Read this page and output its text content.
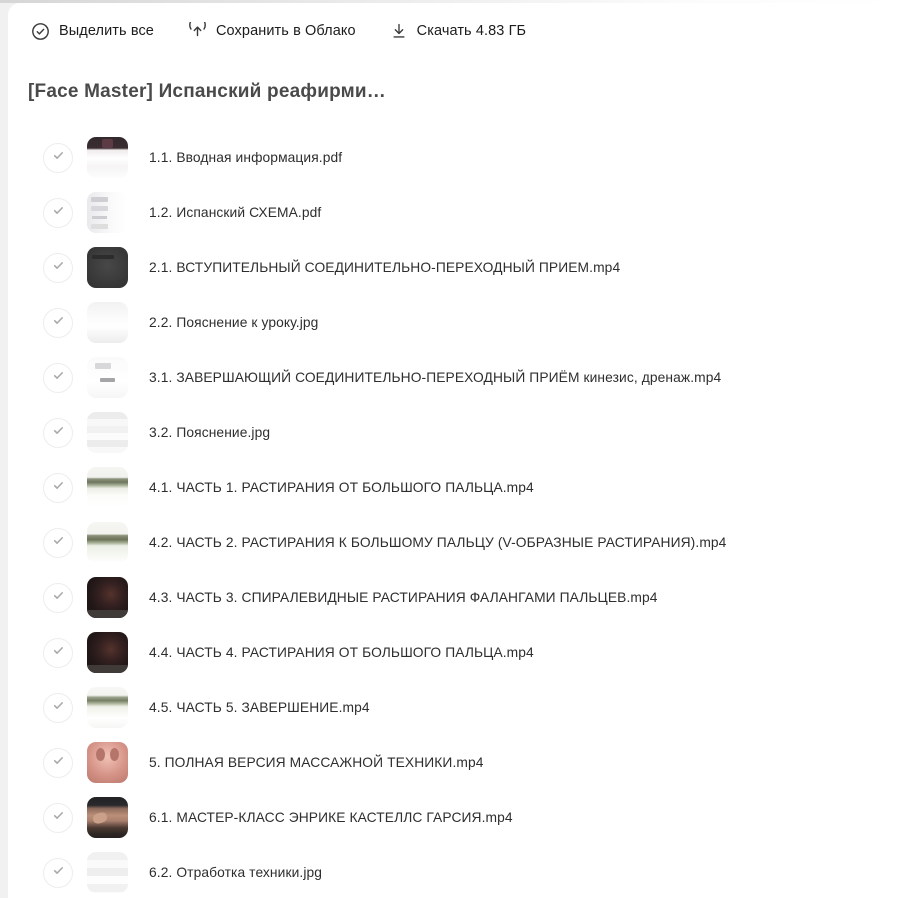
Выделить все	Сохранить в Облако	Скачать 4.83 ГБ
[Face Master] Испанский реафирми…
1.1. Вводная информация.pdf
1.2. Испанский СХЕМА.pdf
2.1. ВСТУПИТЕЛЬНЫЙ СОЕДИНИТЕЛЬНО-ПЕРЕХОДНЫЙ ПРИЕМ.mp4
2.2. Пояснение к уроку.jpg
3.1. ЗАВЕРШАЮЩИЙ СОЕДИНИТЕЛЬНО-ПЕРЕХОДНЫЙ ПРИЁМ кинезис, дренаж.mp4
3.2. Пояснение.jpg
4.1. ЧАСТЬ 1. РАСТИРАНИЯ ОТ БОЛЬШОГО ПАЛЬЦА.mp4
4.2. ЧАСТЬ 2. РАСТИРАНИЯ К БОЛЬШОМУ ПАЛЬЦУ (V-ОБРАЗНЫЕ РАСТИРАНИЯ).mp4
4.3. ЧАСТЬ 3. СПИРАЛЕВИДНЫЕ РАСТИРАНИЯ ФАЛАНГАМИ ПАЛЬЦЕВ.mp4
4.4. ЧАСТЬ 4. РАСТИРАНИЯ ОТ БОЛЬШОГО ПАЛЬЦА.mp4
4.5. ЧАСТЬ 5. ЗАВЕРШЕНИЕ.mp4
5. ПОЛНАЯ ВЕРСИЯ МАССАЖНОЙ ТЕХНИКИ.mp4
6.1. МАСТЕР-КЛАСС ЭНРИКЕ КАСТЕЛЛС ГАРСИЯ.mp4
6.2. Отработка техники.jpg
